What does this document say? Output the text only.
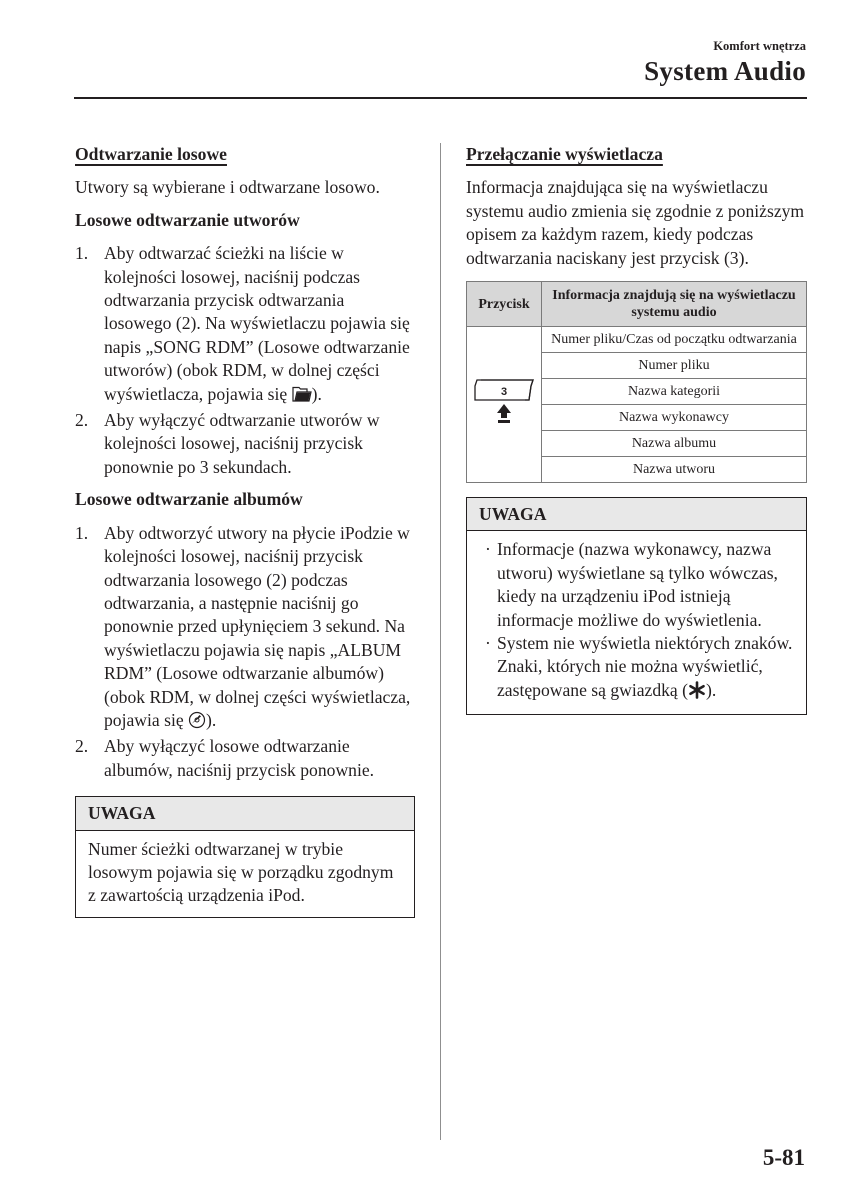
Komfort wnętrza
System Audio
Odtwarzanie losowe

Utwory są wybierane i odtwarzane losowo.

Losowe odtwarzanie utworów
1. Aby odtwarzać ścieżki na liście w kolejności losowej, naciśnij podczas odtwarzania przycisk odtwarzania losowego (2). Na wyświetlaczu pojawia się napis „SONG RDM” (Losowe odtwarzanie utworów) (obok RDM, w dolnej części wyświetlacza, pojawia się ).
2. Aby wyłączyć odtwarzanie utworów w kolejności losowej, naciśnij przycisk ponownie po 3 sekundach.
Losowe odtwarzanie albumów
1. Aby odtworzyć utwory na płycie iPodzie w kolejności losowej, naciśnij przycisk odtwarzania losowego (2) podczas odtwarzania, a następnie naciśnij go ponownie przed upłynięciem 3 sekund. Na wyświetlaczu pojawia się napis „ALBUM RDM” (Losowe odtwarzanie albumów) (obok RDM, w dolnej części wyświetlacza, pojawia się ).
2. Aby wyłączyć losowe odtwarzanie albumów, naciśnij przycisk ponownie.
UWAGA
Numer ścieżki odtwarzanej w trybie losowym pojawia się w porządku zgodnym z zawartością urządzenia iPod.
Przełączanie wyświetlacza

Informacja znajdująca się na wyświetlaczu systemu audio zmienia się zgodnie z poniższym opisem za każdym razem, kiedy podczas odtwarzania naciskany jest przycisk (3).

Przycisk	Informacja znajdują się na wyświetlaczu systemu audio

3	Numer pliku/Czas od początku odtwarzania
	Numer pliku
	Nazwa kategorii
	Nazwa wykonawcy
	Nazwa albumu
	Nazwa utworu
UWAGA
· Informacje (nazwa wykonawcy, nazwa utworu) wyświetlane są tylko wówczas, kiedy na urządzeniu iPod istnieją informacje możliwe do wyświetlenia.
· System nie wyświetla niektórych znaków. Znaki, których nie można wyświetlić, zastępowane są gwiazdką ( ).
5-81
